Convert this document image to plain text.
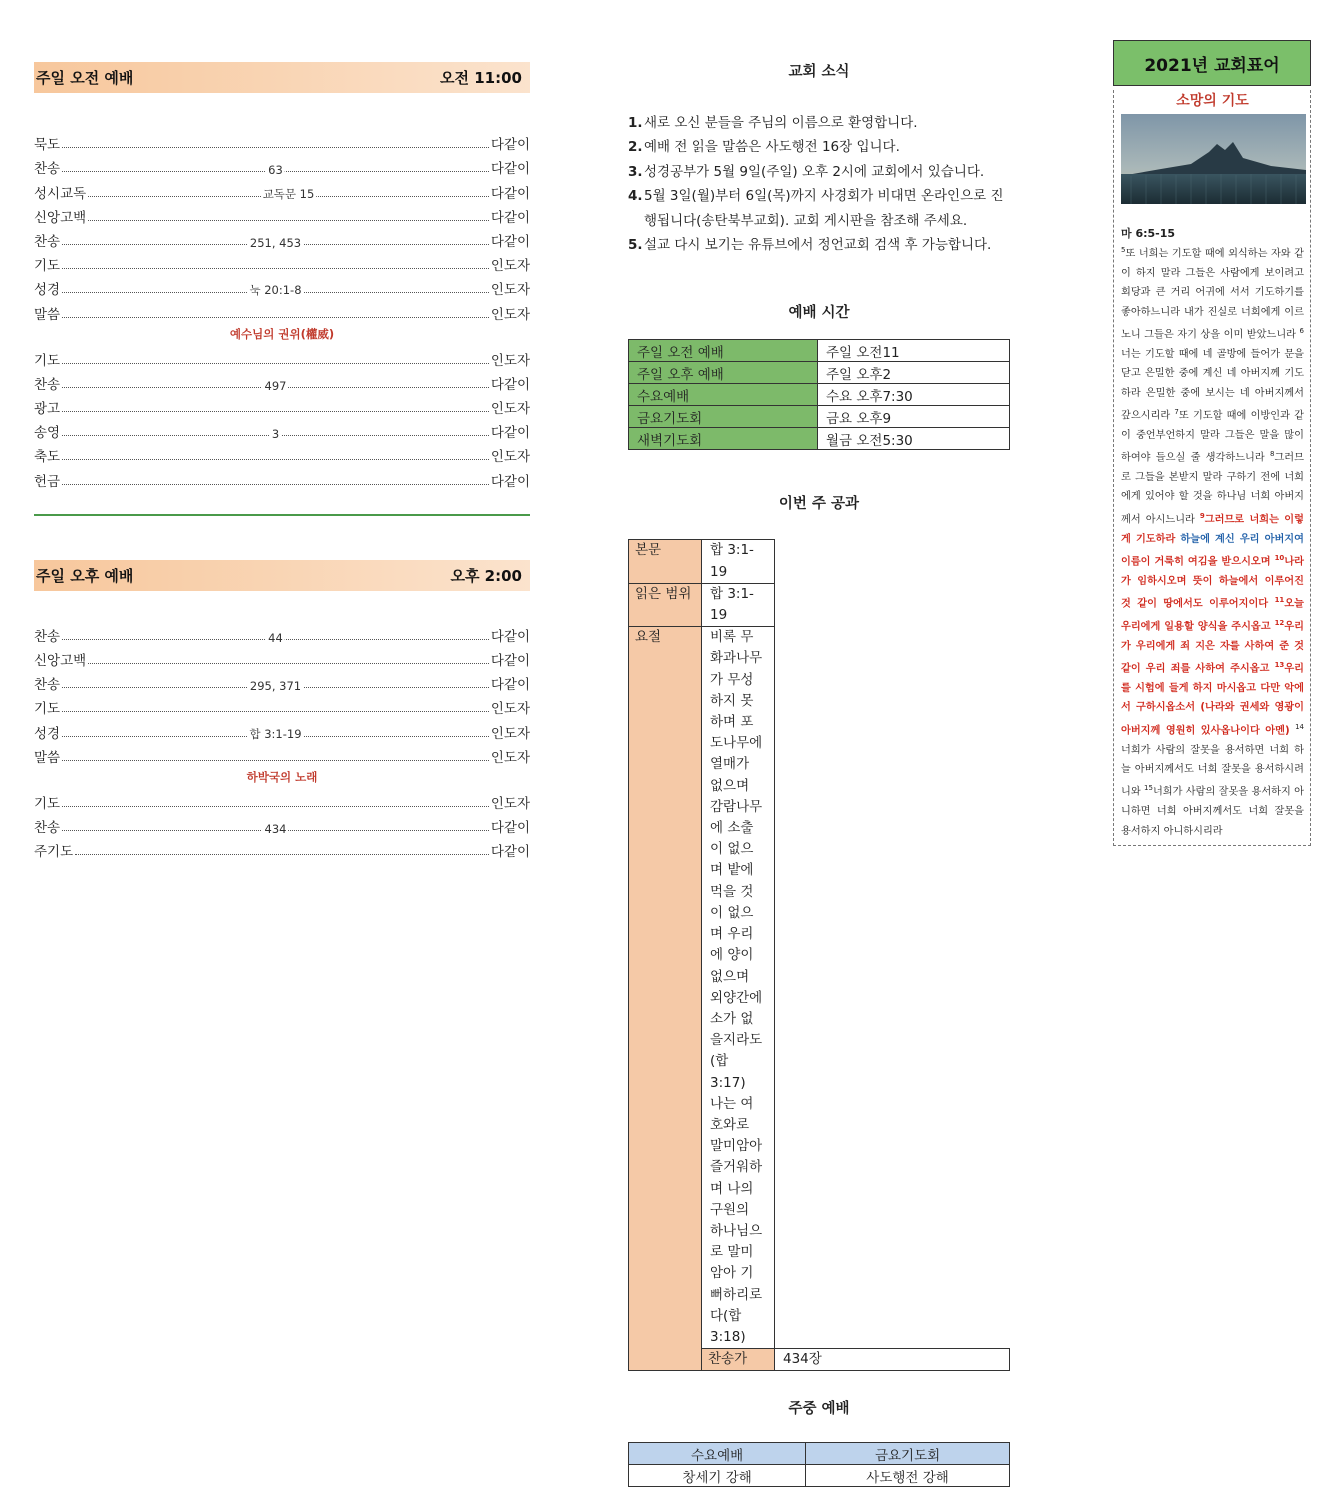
주일 오전 예배	오전 11:00
묵도	다같이
찬송	63	다같이
성시교독	교독문 15	다같이
신앙고백	다같이
찬송	251, 453	다같이
기도	인도자
성경	눅 20:1-8	인도자
말씀	인도자
예수님의 권위(權威)
기도	인도자
찬송	497	다같이
광고	인도자
송영	3	다같이
축도	인도자
헌금	다같이
주일 오후 예배	오후 2:00
찬송	44	다같이
신앙고백	다같이
찬송	295, 371	다같이
기도	인도자
성경	합 3:1-19	인도자
말씀	인도자
하박국의 노래
기도	인도자
찬송	434	다같이
주기도	다같이
교회 소식
1. 새로 오신 분들을 주님의 이름으로 환영합니다.
2. 예배 전 읽을 말씀은 사도행전 16장 입니다.
3. 성경공부가 5월 9일(주일) 오후 2시에 교회에서 있습니다.
4. 5월 3일(월)부터 6일(목)까지 사경회가 비대면 온라인으로 진행됩니다(송탄북부교회). 교회 게시판을 참조해 주세요.
5. 설교 다시 보기는 유튜브에서 정언교회 검색 후 가능합니다.
예배 시간
주일 오전 예배	주일 오전11
주일 오후 예배	주일 오후2
수요예배	수요 오후7:30
금요기도회	금요 오후9
새벽기도회	월금 오전5:30
이번 주 공과
본문	합 3:1-19	
읽은 범위	합 3:1-19	
요절	비록 무화과나무가 무성하지 못하며 포도나무에 열매가 없으며 감람나무에 소출이 없으며 밭에 먹을 것이 없으며 우리에 양이 없으며 외양간에 소가 없을지라도(합 3:17)
나는 여호와로 말미암아 즐거워하며 나의 구원의 하나님으로 말미암아 기뻐하리로다(합 3:18)	

	찬송가	434장
주중 예배
수요예배	금요기도회
창세기 강해	사도행전 강해
2021년 교회표어
소망의 기도
마 6:5-15
$^5$또 너희는 기도할 때에 외식하는 자와 같이 하지 말라 그들은 사람에게 보이려고 회당과 큰 거리 어귀에 서서 기도하기를 좋아하느니라 내가 진실로 너희에게 이르노니 그들은 자기 상을 이미 받았느니라 $^6$너는 기도할 때에 네 골방에 들어가 문을 닫고 은밀한 중에 계신 네 아버지께 기도하라 은밀한 중에 보시는 네 아버지께서 갚으시리라 $^7$또 기도할 때에 이방인과 같이 중언부언하지 말라 그들은 말을 많이 하여야 들으실 줄 생각하느니라 $^8$그러므로 그들을 본받지 말라 구하기 전에 너희에게 있어야 할 것을 하나님 너희 아버지께서 아시느니라 $^9$그러므로 너희는 이렇게 기도하라 하늘에 계신 우리 아버지여 이름이 거룩히 여김을 받으시오며 $^{10}$나라가 임하시오며 뜻이 하늘에서 이루어진 것 같이 땅에서도 이루어지이다 $^{11}$오늘 우리에게 일용할 양식을 주시옵고 $^{12}$우리가 우리에게 죄 지은 자를 사하여 준 것 같이 우리 죄를 사하여 주시옵고 $^{13}$우리를 시험에 들게 하지 마시옵고 다만 악에서 구하시옵소서 (나라와 권세와 영광이 아버지께 영원히 있사옵나이다 아멘) $^{14}$너희가 사람의 잘못을 용서하면 너희 하늘 아버지께서도 너희 잘못을 용서하시려니와 $^{15}$너희가 사람의 잘못을 용서하지 아니하면 너희 아버지께서도 너희 잘못을 용서하지 아니하시리라
